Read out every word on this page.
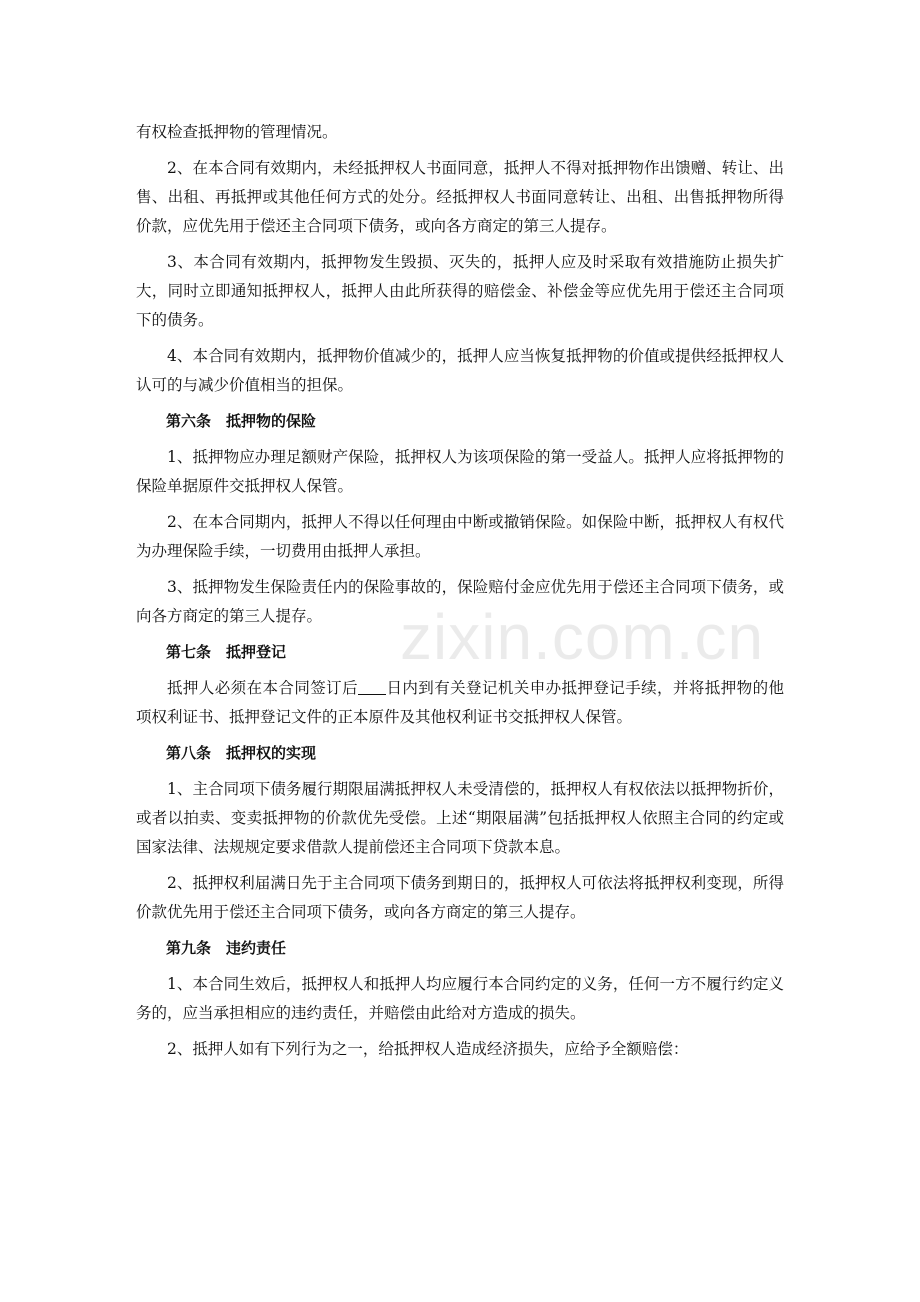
zixin.com.cn

有权检查抵押物的管理情况。

2、在本合同有效期内，未经抵押权人书面同意，抵押人不得对抵押物作出馈赠、转让、出售、出租、再抵押或其他任何方式的处分。经抵押权人书面同意转让、出租、出售抵押物所得价款，应优先用于偿还主合同项下债务，或向各方商定的第三人提存。

3、本合同有效期内，抵押物发生毁损、灭失的，抵押人应及时采取有效措施防止损失扩大，同时立即通知抵押权人，抵押人由此所获得的赔偿金、补偿金等应优先用于偿还主合同项下的债务。

4、本合同有效期内，抵押物价值减少的，抵押人应当恢复抵押物的价值或提供经抵押权人认可的与减少价值相当的担保。

第六条　抵押物的保险

1、抵押物应办理足额财产保险，抵押权人为该项保险的第一受益人。抵押人应将抵押物的保险单据原件交抵押权人保管。

2、在本合同期内，抵押人不得以任何理由中断或撤销保险。如保险中断，抵押权人有权代为办理保险手续，一切费用由抵押人承担。

3、抵押物发生保险责任内的保险事故的，保险赔付金应优先用于偿还主合同项下债务，或向各方商定的第三人提存。

第七条　抵押登记

抵押人必须在本合同签订后 日内到有关登记机关申办抵押登记手续，并将抵押物的他项权利证书、抵押登记文件的正本原件及其他权利证书交抵押权人保管。

第八条　抵押权的实现

1、主合同项下债务履行期限届满抵押权人未受清偿的，抵押权人有权依法以抵押物折价，或者以拍卖、变卖抵押物的价款优先受偿。上述“期限届满”包括抵押权人依照主合同的约定或国家法律、法规规定要求借款人提前偿还主合同项下贷款本息。

2、抵押权利届满日先于主合同项下债务到期日的，抵押权人可依法将抵押权利变现，所得价款优先用于偿还主合同项下债务，或向各方商定的第三人提存。

第九条　违约责任

1、本合同生效后，抵押权人和抵押人均应履行本合同约定的义务，任何一方不履行约定义务的，应当承担相应的违约责任，并赔偿由此给对方造成的损失。

2、抵押人如有下列行为之一，给抵押权人造成经济损失，应给予全额赔偿：
